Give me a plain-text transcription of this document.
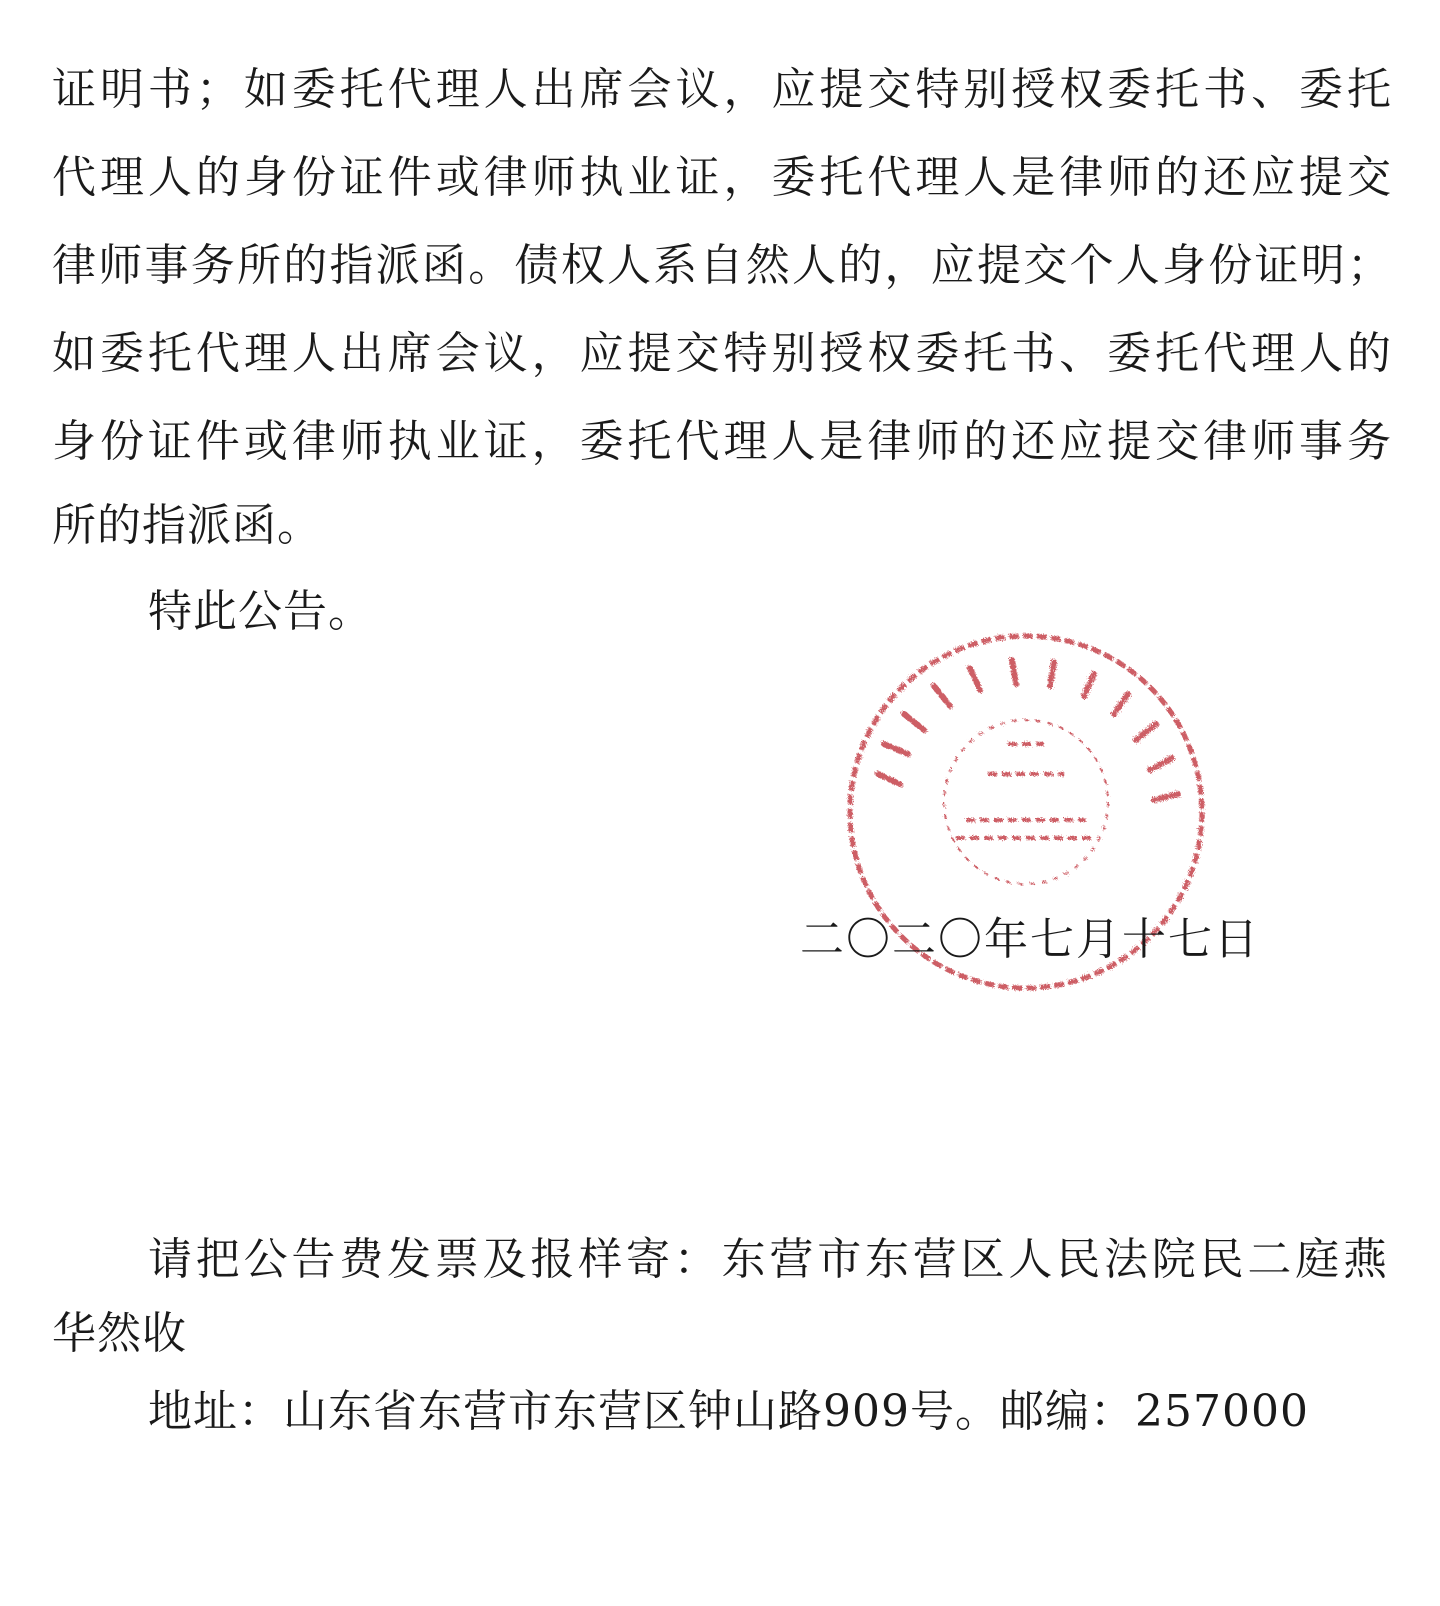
证明书；如委托代理人出席会议，应提交特别授权委托书、委托
代理人的身份证件或律师执业证，委托代理人是律师的还应提交
律师事务所的指派函。债权人系自然人的，应提交个人身份证明；
如委托代理人出席会议，应提交特别授权委托书、委托代理人的
身份证件或律师执业证，委托代理人是律师的还应提交律师事务
所的指派函。
特此公告。
二〇二〇年七月十七日
请把公告费发票及报样寄：东营市东营区人民法院民二庭燕
华然收
地址：山东省东营市东营区钟山路909号。邮编：257000
